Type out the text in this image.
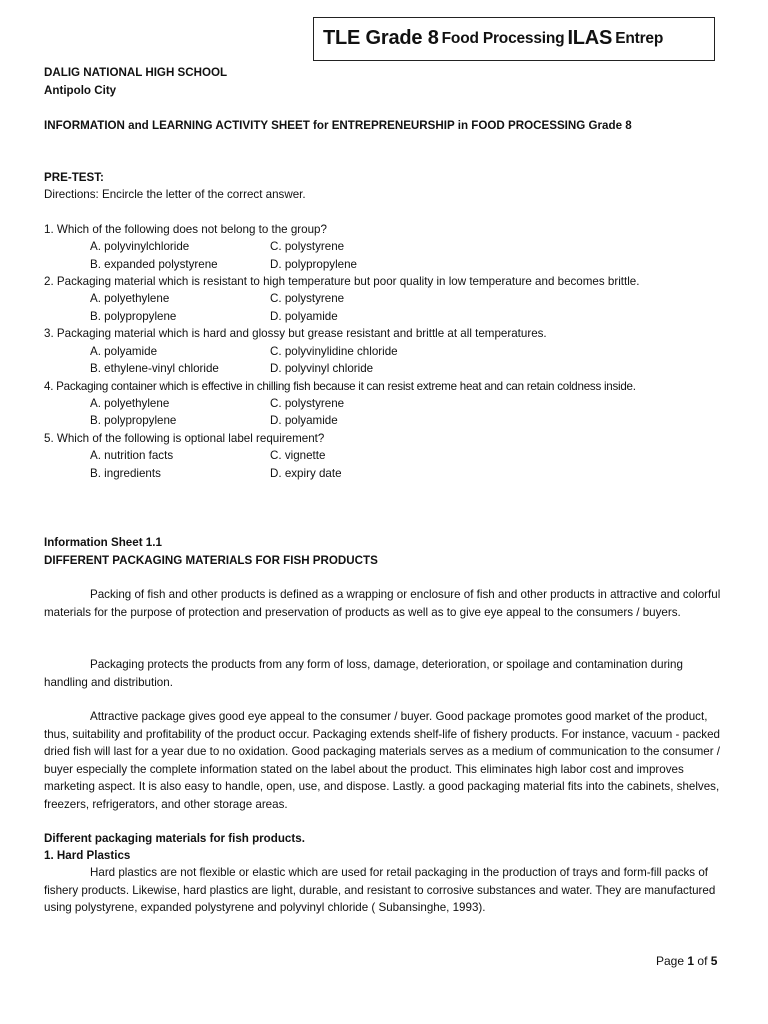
TLE Grade 8
Food Processing
ILAS
Entrep
DALIG NATIONAL HIGH SCHOOL
Antipolo City
INFORMATION and LEARNING ACTIVITY SHEET for ENTREPRENEURSHIP in FOOD PROCESSING Grade 8
PRE-TEST:
Directions: Encircle the letter of the correct answer.
1. Which of the following does not belong to the group?
A. polyvinylchloride	C. polystyrene
B. expanded polystyrene	D. polypropylene
2. Packaging material which is resistant to high temperature but poor quality in low temperature and becomes brittle.
A. polyethylene	C. polystyrene
B. polypropylene	D. polyamide
3. Packaging material which is hard and glossy but grease resistant and brittle at all temperatures.
A. polyamide	C. polyvinylidine chloride
B. ethylene-vinyl chloride	D. polyvinyl chloride
4. Packaging container which is effective in chilling fish because it can resist extreme heat and can retain coldness inside.
A. polyethylene	C. polystyrene
B. polypropylene	D. polyamide
5. Which of the following is optional label requirement?
A. nutrition facts	C. vignette
B. ingredients	D. expiry date
Information Sheet 1.1
DIFFERENT PACKAGING MATERIALS FOR FISH PRODUCTS
Packing of fish and other products is defined as a wrapping or enclosure of fish and other products in attractive and colorful materials for the purpose of protection and preservation of products as well as to give eye appeal to the consumers / buyers.
Packaging protects the products from any form of loss, damage, deterioration, or spoilage and contamination during handling and distribution.
Attractive package gives good eye appeal to the consumer / buyer. Good package promotes good market of the product, thus, suitability and profitability of the product occur. Packaging extends shelf-life of fishery products. For instance, vacuum - packed dried fish will last for a year due to no oxidation. Good packaging materials serves as a medium of communication to the consumer / buyer especially the complete information stated on the label about the product. This eliminates high labor cost and improves marketing aspect. It is also easy to handle, open, use, and dispose. Lastly. a good packaging material fits into the cabinets, shelves, freezers, refrigerators, and other storage areas.
Different packaging materials for fish products.
1. Hard Plastics
Hard plastics are not flexible or elastic which are used for retail packaging in the production of trays and form-fill packs of fishery products. Likewise, hard plastics are light, durable, and resistant to corrosive substances and water. They are manufactured using polystyrene, expanded polystyrene and polyvinyl chloride ( Subansinghe, 1993).
Page 1 of 5
